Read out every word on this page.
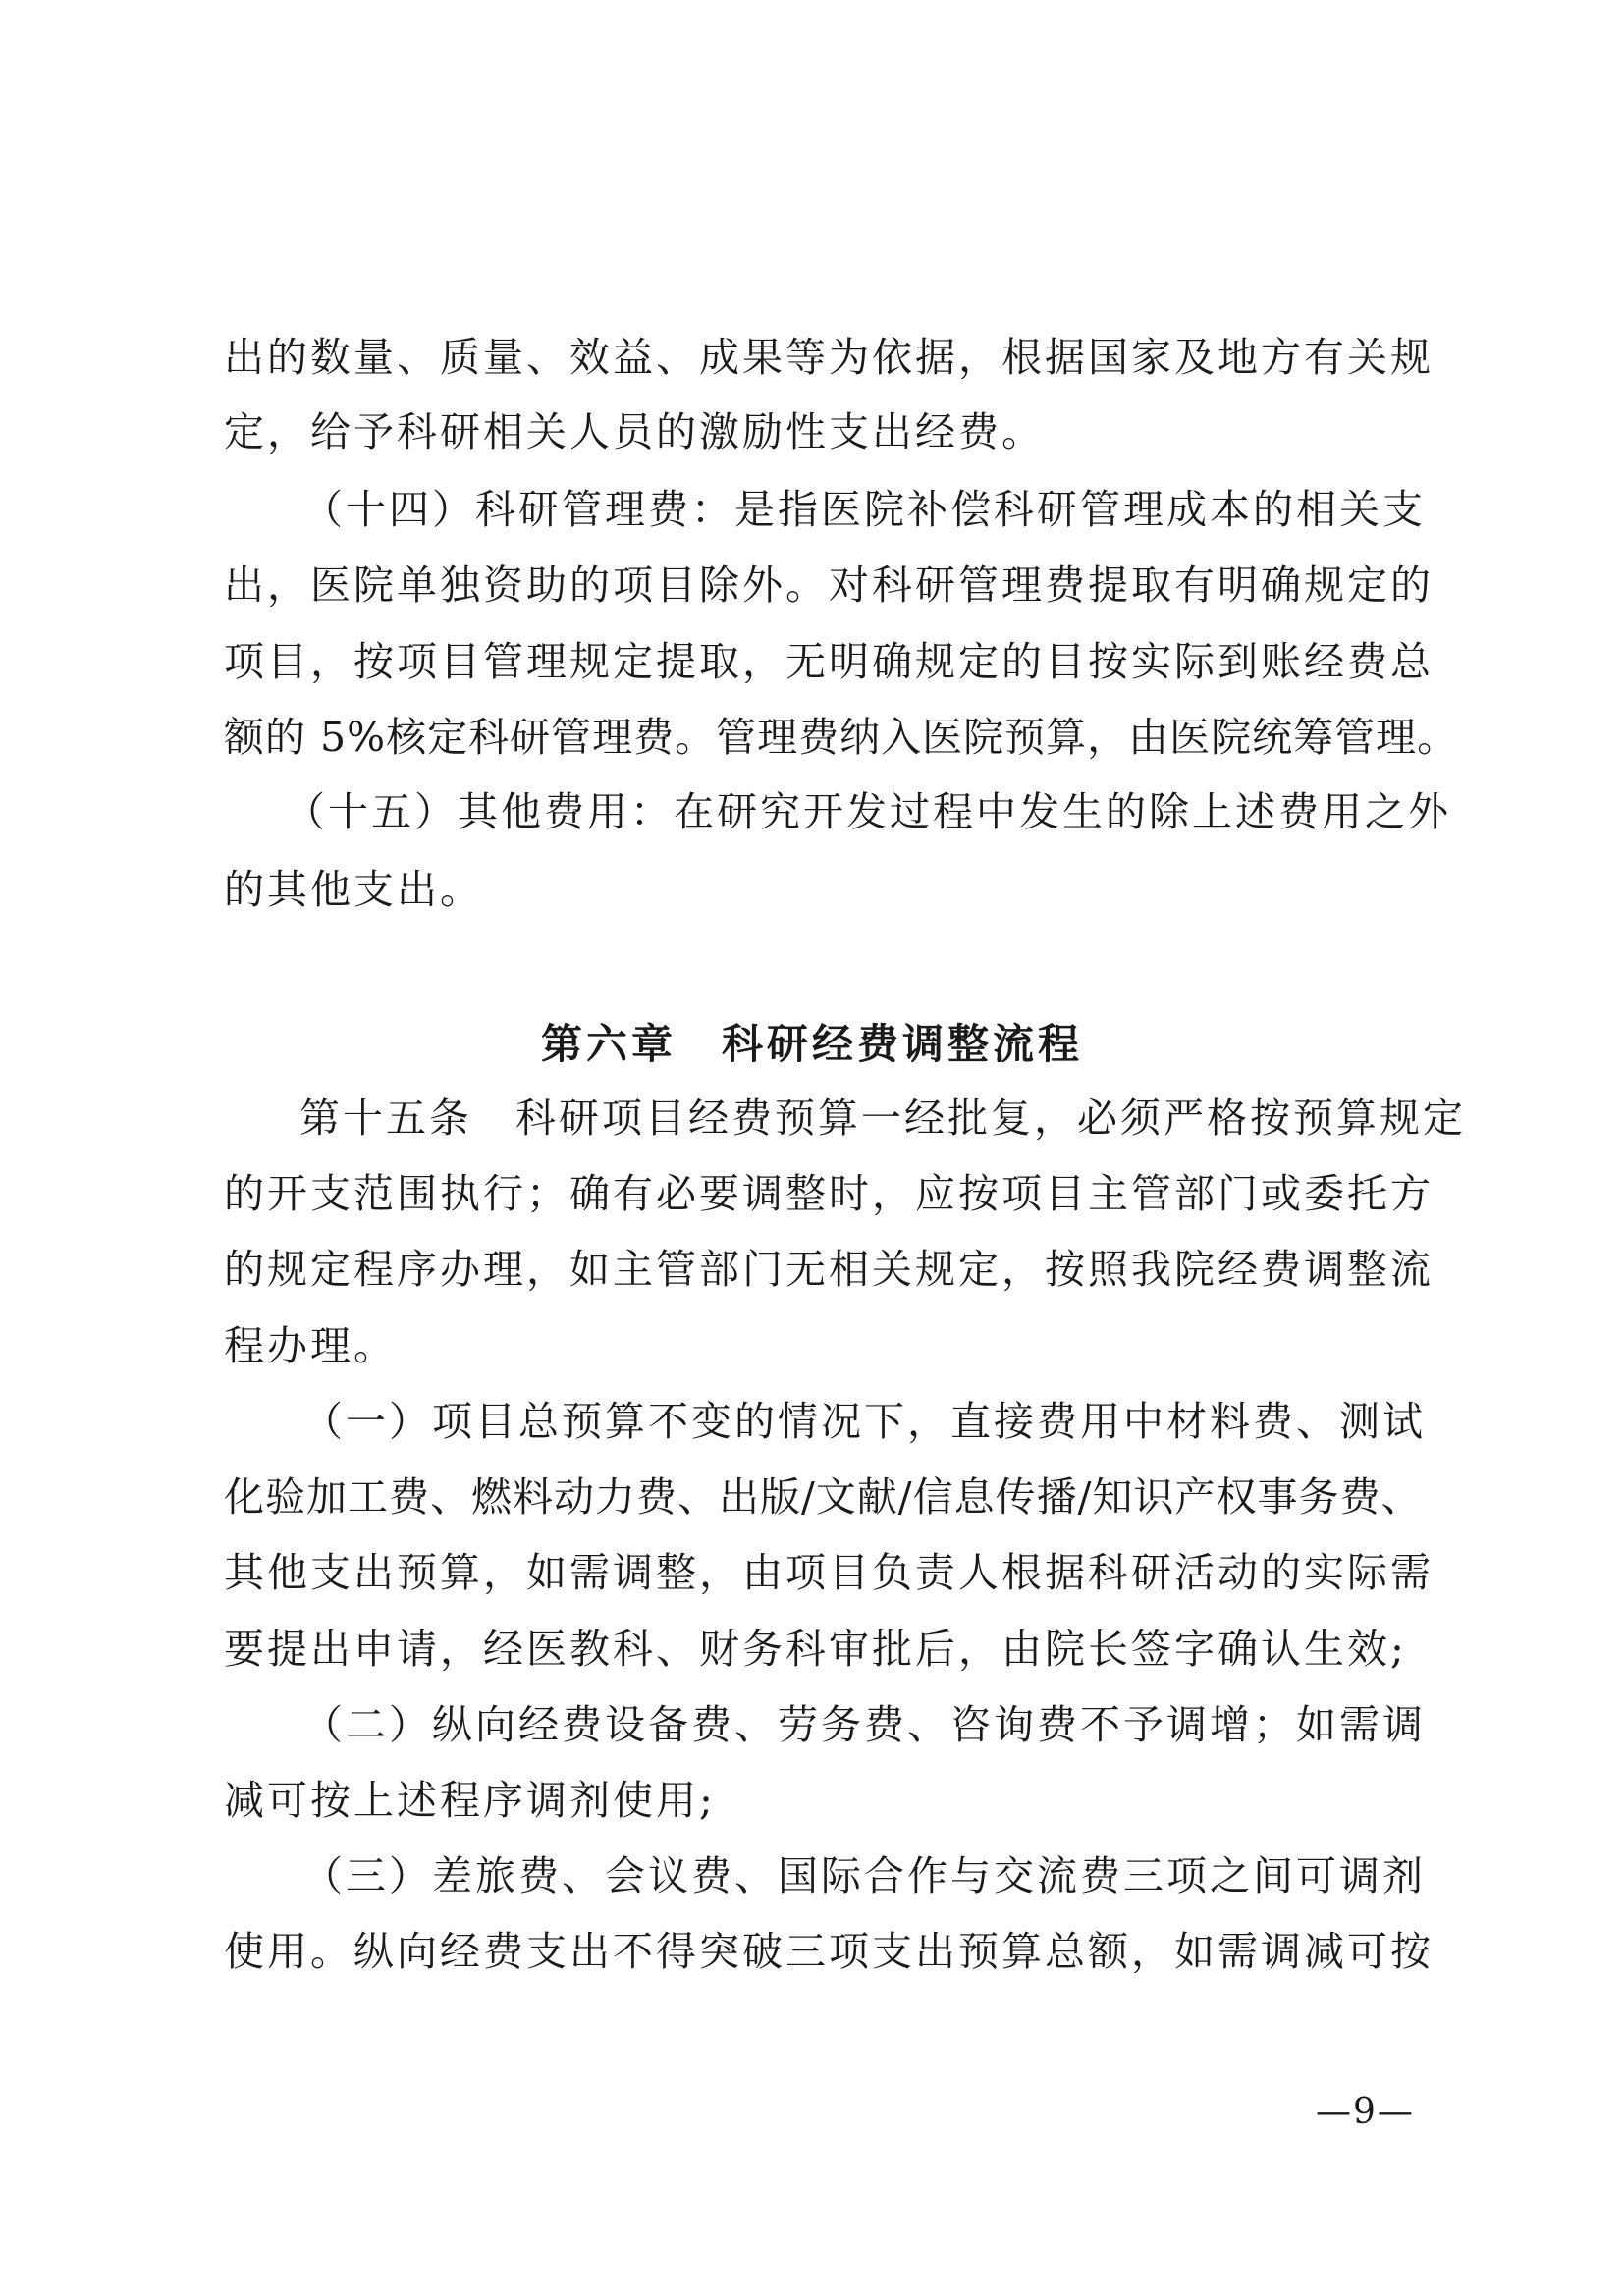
出的数量、质量、效益、成果等为依据，根据国家及地方有关规
定，给予科研相关人员的激励性支出经费。
（十四）科研管理费：是指医院补偿科研管理成本的相关支
出，医院单独资助的项目除外。对科研管理费提取有明确规定的
项目，按项目管理规定提取，无明确规定的目按实际到账经费总
额的 5%核定科研管理费。管理费纳入医院预算，由医院统筹管理。
（十五）其他费用：在研究开发过程中发生的除上述费用之外
的其他支出。
第六章　科研经费调整流程
第十五条　科研项目经费预算一经批复，必须严格按预算规定
的开支范围执行；确有必要调整时，应按项目主管部门或委托方
的规定程序办理，如主管部门无相关规定，按照我院经费调整流
程办理。
（一）项目总预算不变的情况下，直接费用中材料费、测试
化验加工费、燃料动力费、出版/文献/信息传播/知识产权事务费、
其他支出预算，如需调整，由项目负责人根据科研活动的实际需
要提出申请，经医教科、财务科审批后，由院长签字确认生效;
（二）纵向经费设备费、劳务费、咨询费不予调增；如需调
减可按上述程序调剂使用;
（三）差旅费、会议费、国际合作与交流费三项之间可调剂
使用。纵向经费支出不得突破三项支出预算总额，如需调减可按
—9—
